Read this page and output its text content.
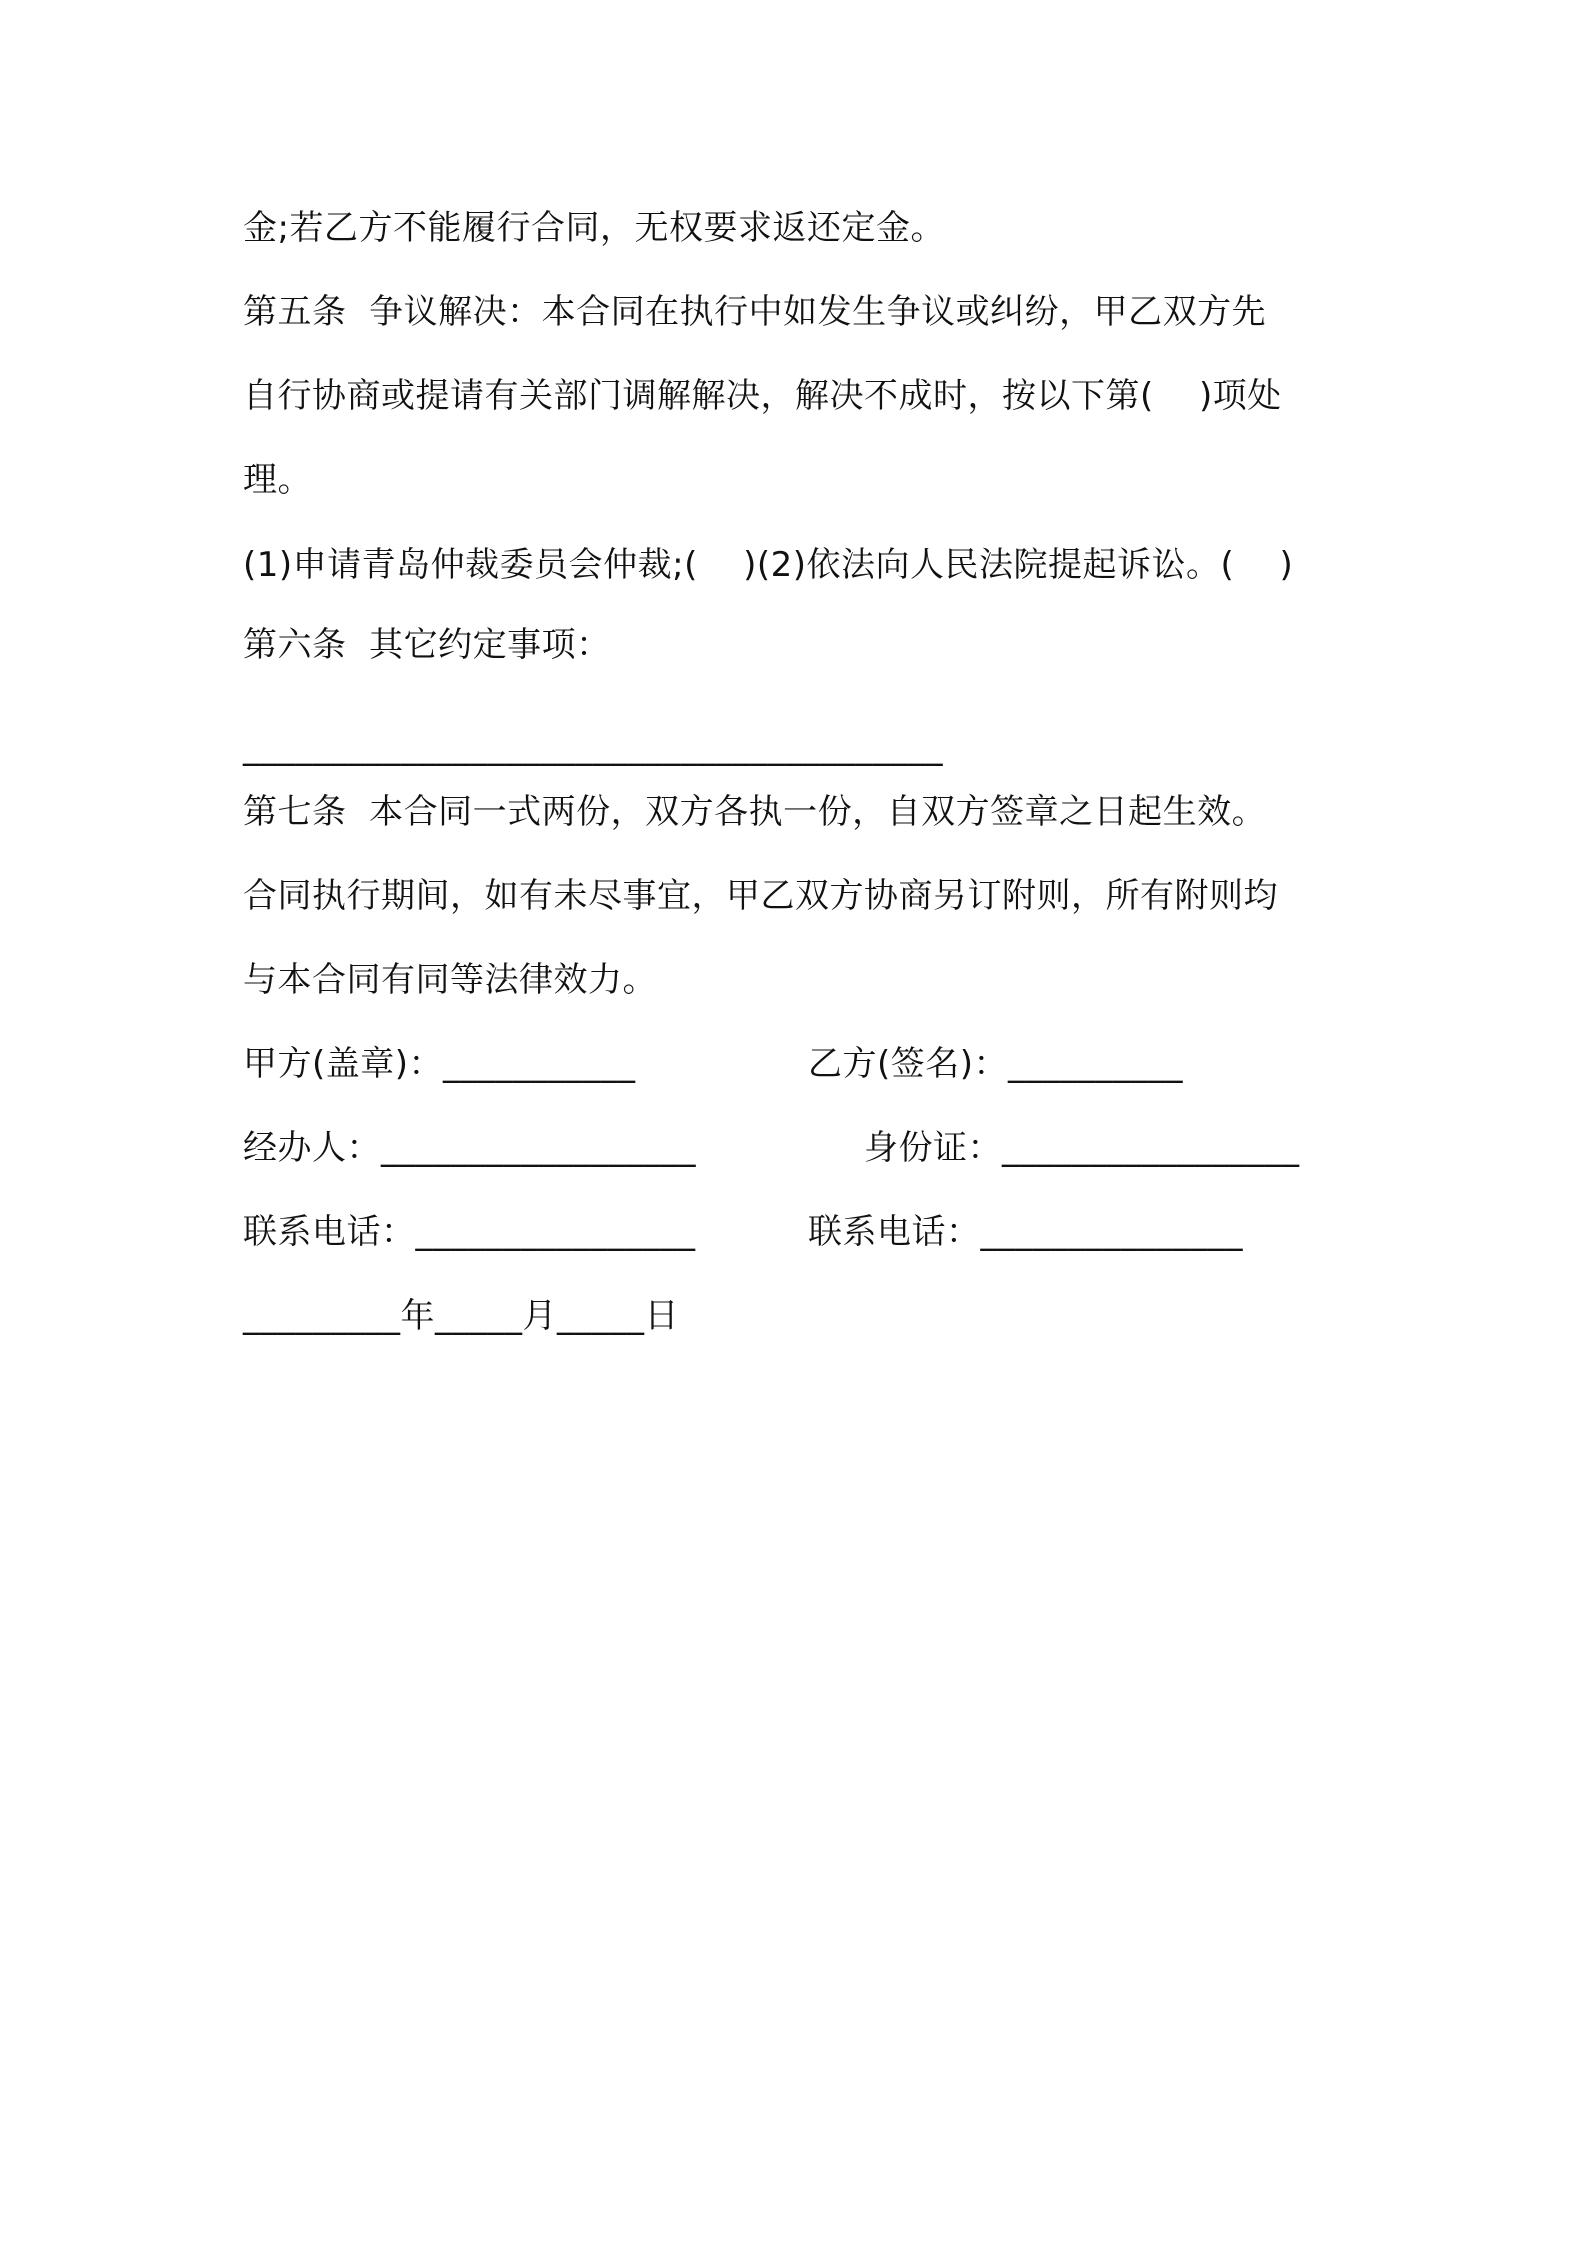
金;若乙方不能履行合同，无权要求返还定金。
第五条  争议解决：本合同在执行中如发生争议或纠纷，甲乙双方先
自行协商或提请有关部门调解解决，解决不成时，按以下第(    )项处
理。
(1)申请青岛仲裁委员会仲裁;(    )(2)依法向人民法院提起诉讼。(    )
第六条  其它约定事项：
________________________________________
第七条  本合同一式两份，双方各执一份，自双方签章之日起生效。
合同执行期间，如有未尽事宜，甲乙双方协商另订附则，所有附则均
与本合同有同等法律效力。
甲方(盖章)：___________	乙方(签名)：__________
经办人：__________________	身份证：_________________
联系电话：________________	联系电话：_______________
_________年_____月_____日
